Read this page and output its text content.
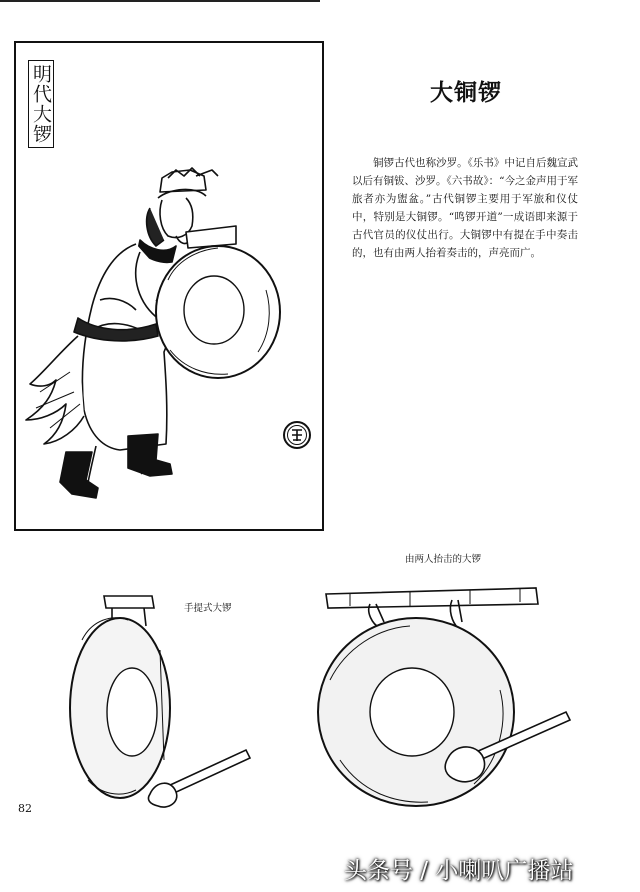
明代大锣	大铜锣

铜锣古代也称沙罗。《乐书》中记自后魏宣武以后有铜钹、沙罗。《六书故》：“今之金声用于军旅者亦为盥盆。”古代铜锣主要用于军旅和仪仗中，特别是大铜锣。“鸣锣开道”一成语即来源于古代官员的仪仗出行。大铜锣中有提在手中奏击的，也有由两人抬着奏击的，声亮而广。

手提式大锣
由两人抬击的大锣
82
头条号 / 小喇叭广播站
